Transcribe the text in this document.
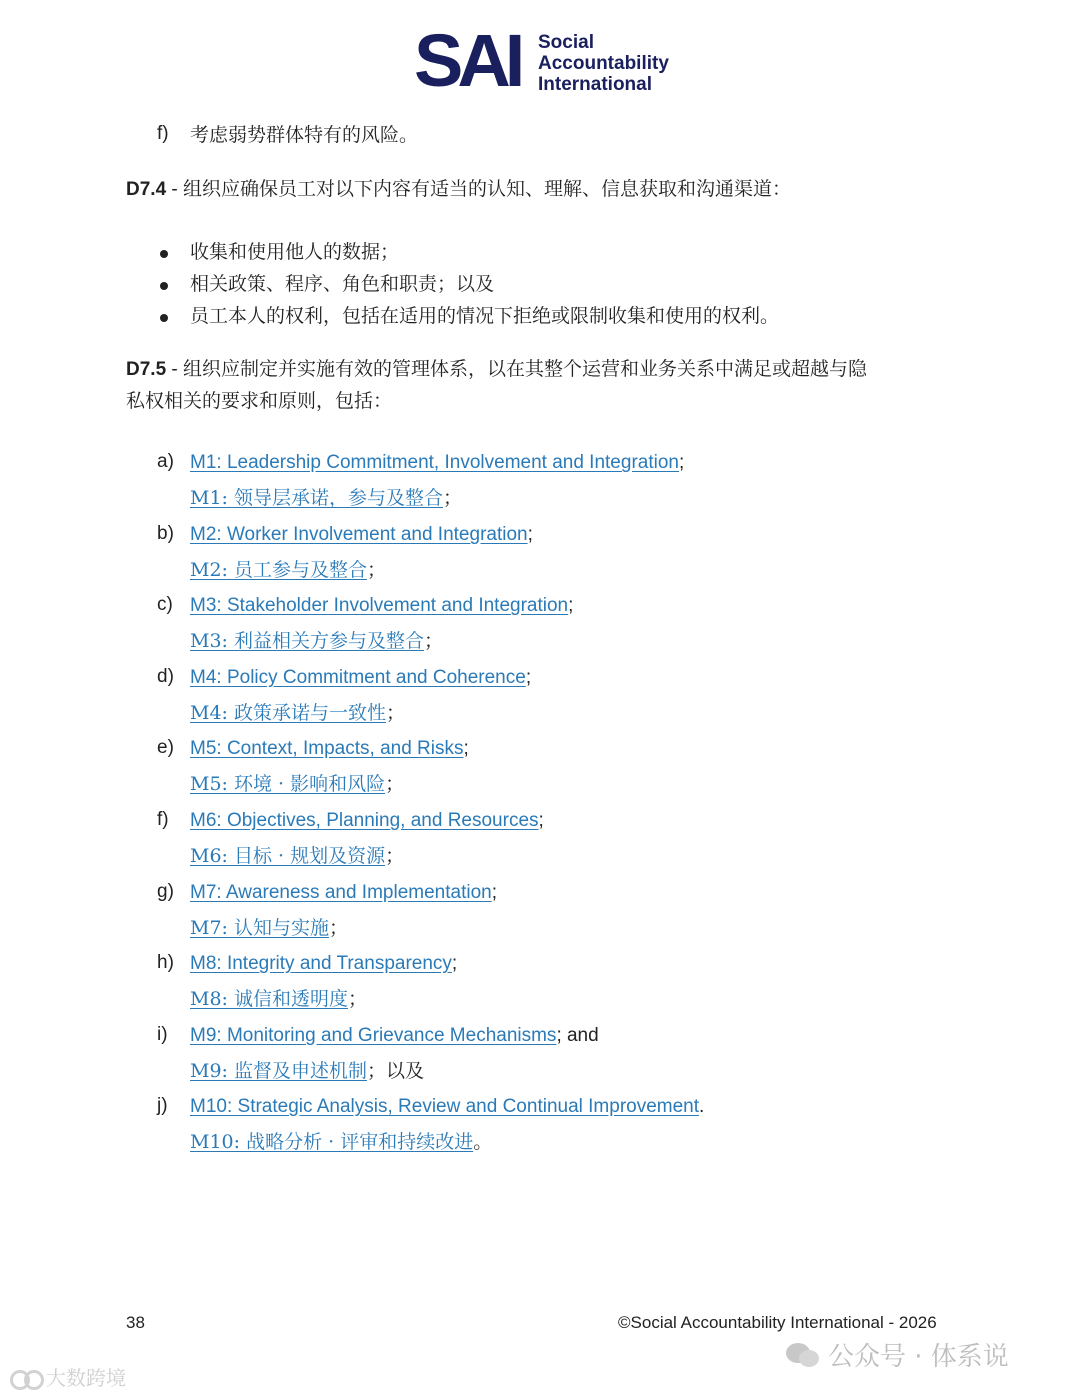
SAI Social
Accountability
International
f) 考虑弱势群体特有的风险。
D7.4 - 组织应确保员工对以下内容有适当的认知、理解、信息获取和沟通渠道：
收集和使用他人的数据；
相关政策、程序、角色和职责；以及
员工本人的权利，包括在适用的情况下拒绝或限制收集和使用的权利。
D7.5 - 组织应制定并实施有效的管理体系，以在其整个运营和业务关系中满足或超越与隐
私权相关的要求和原则，包括：
a) M1: Leadership Commitment, Involvement and Integration;
M1: 领导层承诺，参与及整合；
b) M2: Worker Involvement and Integration;
M2: 员工参与及整合；
c) M3: Stakeholder Involvement and Integration;
M3: 利益相关方参与及整合；
d) M4: Policy Commitment and Coherence;
M4: 政策承诺与一致性；
e) M5: Context, Impacts, and Risks;
M5: 环境 · 影响和风险；
f) M6: Objectives, Planning, and Resources;
M6: 目标 · 规划及资源；
g) M7: Awareness and Implementation;
M7: 认知与实施；
h) M8: Integrity and Transparency;
M8: 诚信和透明度；
i) M9: Monitoring and Grievance Mechanisms; and
M9: 监督及申述机制；以及
j) M10: Strategic Analysis, Review and Continual Improvement.
M10: 战略分析 · 评审和持续改进。
38	©Social Accountability International - 2026
公众号 · 体系说
大数跨境
